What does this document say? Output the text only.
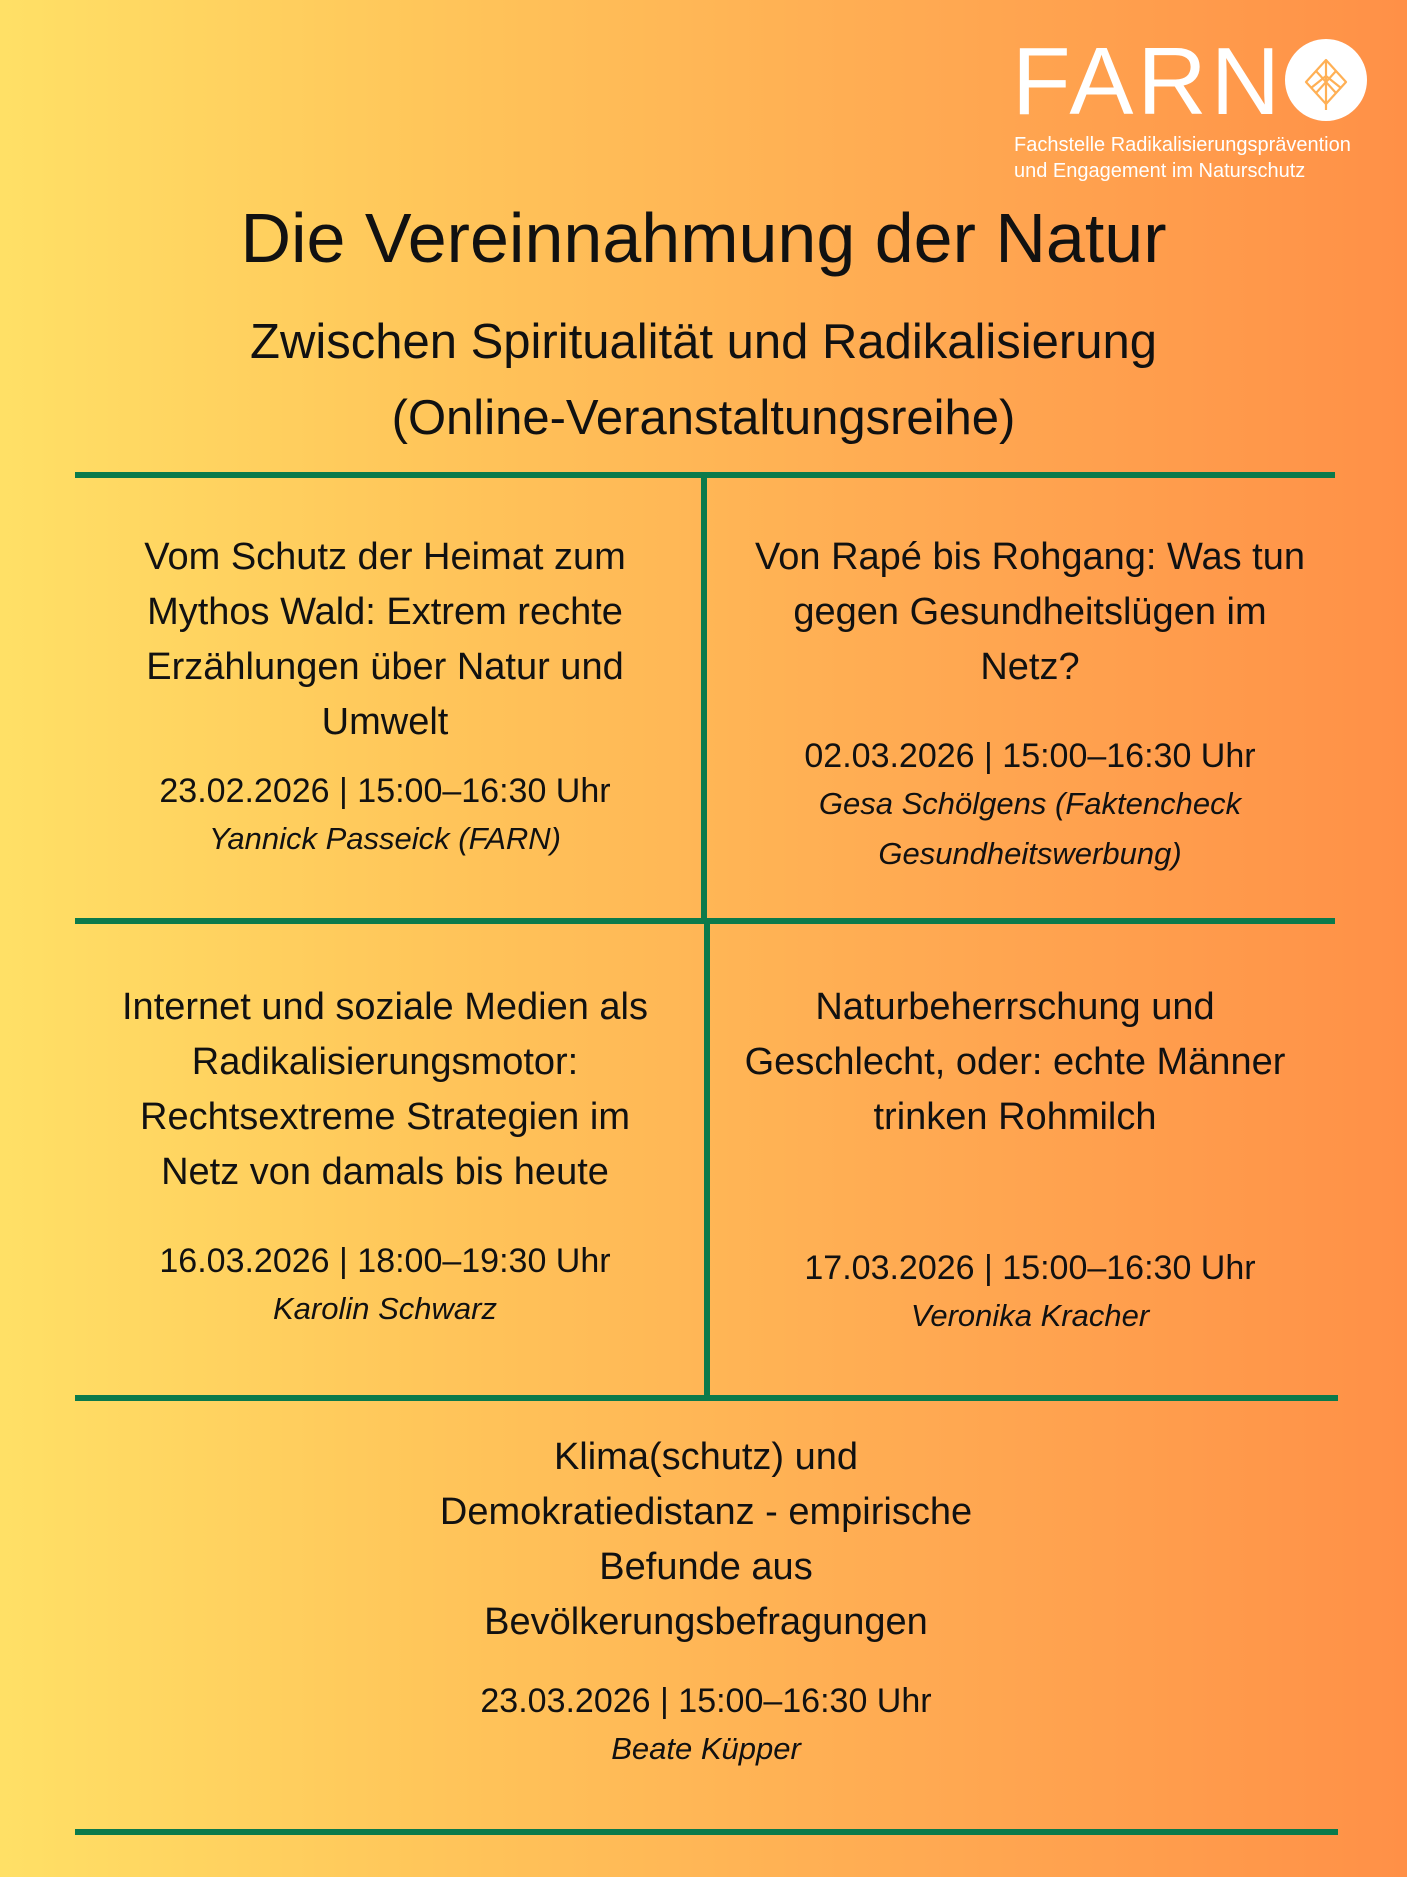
FARN
Fachstelle Radikalisierungsprävention
und Engagement im Naturschutz
Die Vereinnahmung der Natur
Zwischen Spiritualität und Radikalisierung
(Online-Veranstaltungsreihe)
Vom Schutz der Heimat zum
Mythos Wald: Extrem rechte
Erzählungen über Natur und
Umwelt
23.02.2026 | 15:00–16:30 Uhr
Yannick Passeick (FARN)
Von Rapé bis Rohgang: Was tun
gegen Gesundheitslügen im
Netz?
02.03.2026 | 15:00–16:30 Uhr
Gesa Schölgens (Faktencheck
Gesundheitswerbung)
Internet und soziale Medien als
Radikalisierungsmotor:
Rechtsextreme Strategien im
Netz von damals bis heute
16.03.2026 | 18:00–19:30 Uhr
Karolin Schwarz
Naturbeherrschung und
Geschlecht, oder: echte Männer
trinken Rohmilch
17.03.2026 | 15:00–16:30 Uhr
Veronika Kracher
Klima(schutz) und
Demokratiedistanz - empirische
Befunde aus
Bevölkerungsbefragungen
23.03.2026 | 15:00–16:30 Uhr
Beate Küpper
